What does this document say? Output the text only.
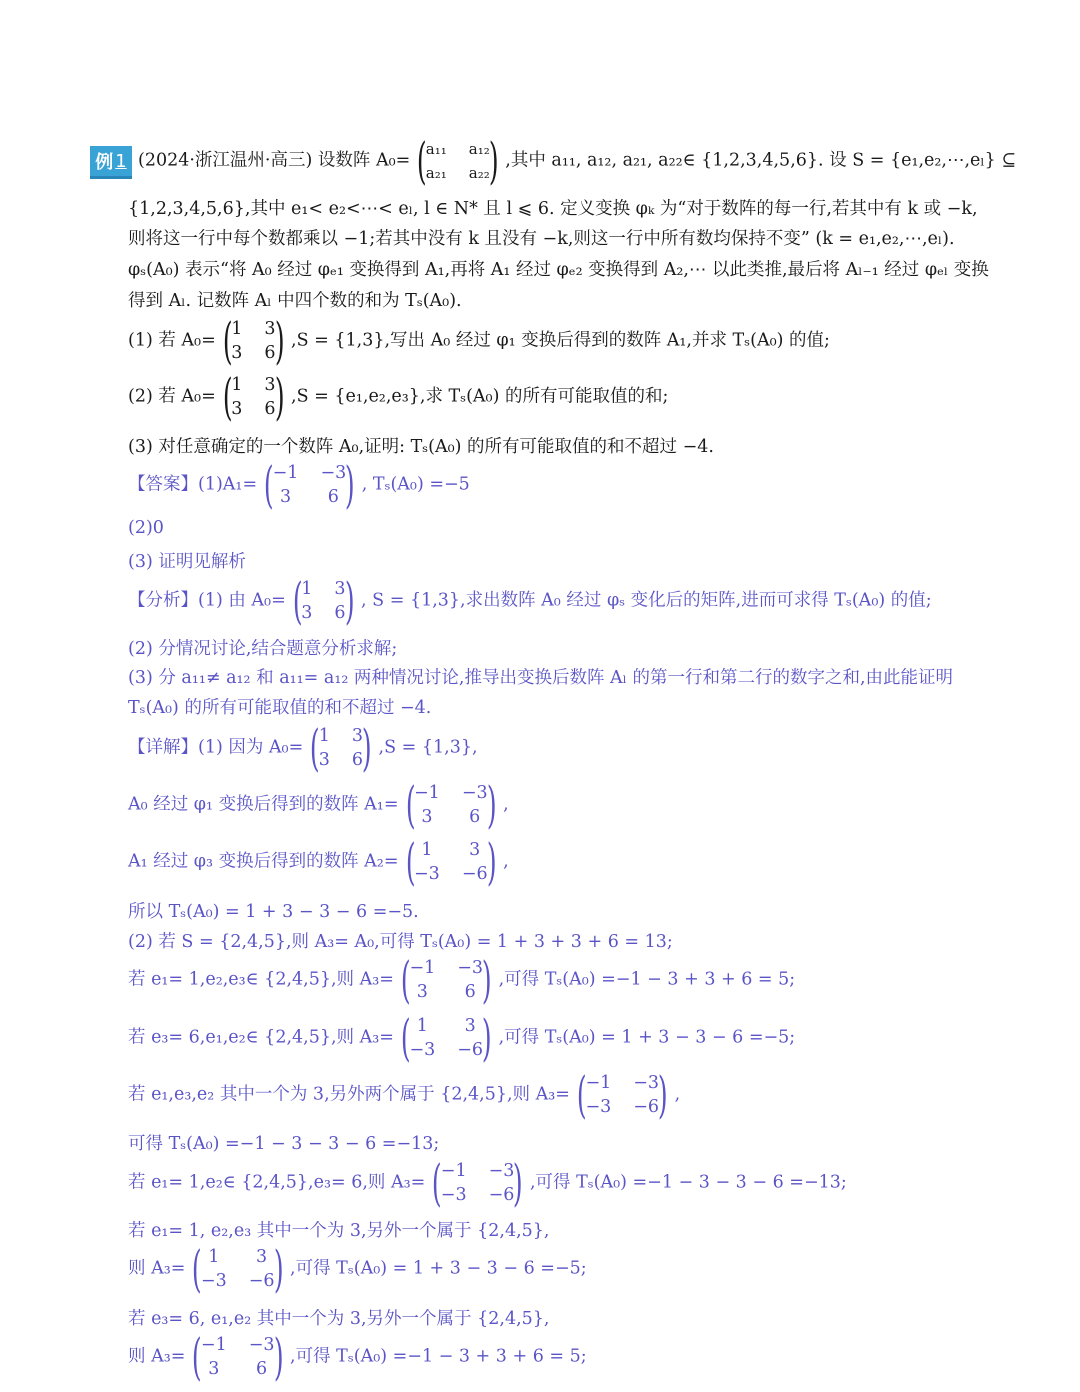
例 1 (2024·浙江温州·高三) 设数阵 A₀= (
a₁₁ a₁₂
a₂₁ a₂₂
) ,其中 a₁₁, a₁₂, a₂₁, a₂₂∈ {1,2,3,4,5,6}. 设 S = {e₁,e₂,⋯,eₗ} ⊆
{1,2,3,4,5,6},其中 e₁< e₂<⋯< eₗ, l ∈ N* 且 l ⩽ 6. 定义变换 φₖ 为“对于数阵的每一行,若其中有 k 或 −k,
则将这一行中每个数都乘以 −1;若其中没有 k 且没有 −k,则这一行中所有数均保持不变” (k = e₁,e₂,⋯,eₗ).
φₛ(A₀) 表示“将 A₀ 经过 φₑ₁ 变换得到 A₁,再将 A₁ 经过 φₑ₂ 变换得到 A₂,⋯ 以此类推,最后将 Aₗ₋₁ 经过 φₑₗ 变换
得到 Aₗ. 记数阵 Aₗ 中四个数的和为 Tₛ(A₀).
(1) 若 A₀= (
1 3
3 6
) ,S = {1,3},写出 A₀ 经过 φ₁ 变换后得到的数阵 A₁,并求 Tₛ(A₀) 的值;
(2) 若 A₀= (
1 3
3 6
) ,S = {e₁,e₂,e₃},求 Tₛ(A₀) 的所有可能取值的和;
(3) 对任意确定的一个数阵 A₀,证明: Tₛ(A₀) 的所有可能取值的和不超过 −4.
【答案】(1)A₁= (
−1 −3
3	6 ) , Tₛ(A₀) =−5
(2)0
(3) 证明见解析
【分析】(1) 由 A₀= (
1 3
3 6
) , S = {1,3},求出数阵 A₀ 经过 φₛ 变化后的矩阵,进而可求得 Tₛ(A₀) 的值;
(2) 分情况讨论,结合题意分析求解;
(3) 分 a₁₁≠ a₁₂ 和 a₁₁= a₁₂ 两种情况讨论,推导出变换后数阵 Aₗ 的第一行和第二行的数字之和,由此能证明
Tₛ(A₀) 的所有可能取值的和不超过 −4.
【详解】(1) 因为 A₀= (
1 3
3 6
) ,S = {1,3},
A₀ 经过 φ₁ 变换后得到的数阵 A₁= (
−1 −3
3	6 ) ,
A₁ 经过 φ₃ 变换后得到的数阵 A₂= ( 1	3
−3 −6
) ,
所以 Tₛ(A₀) = 1 + 3 − 3 − 6 =−5.
(2) 若 S = {2,4,5},则 A₃= A₀,可得 Tₛ(A₀) = 1 + 3 + 3 + 6 = 13;
若 e₁= 1,e₂,e₃∈ {2,4,5},则 A₃= (
−1 −3
3	6 ) ,可得 Tₛ(A₀) =−1 − 3 + 3 + 6 = 5;
若 e₃= 6,e₁,e₂∈ {2,4,5},则 A₃= ( 1	3
−3 −6
) ,可得 Tₛ(A₀) = 1 + 3 − 3 − 6 =−5;
若 e₁,e₃,e₂ 其中一个为 3,另外两个属于 {2,4,5},则 A₃= (
−1 −3
−3 −6
) ,
可得 Tₛ(A₀) =−1 − 3 − 3 − 6 =−13;
若 e₁= 1,e₂∈ {2,4,5},e₃= 6,则 A₃= (
−1 −3
−3 −6
) ,可得 Tₛ(A₀) =−1 − 3 − 3 − 6 =−13;
若 e₁= 1, e₂,e₃ 其中一个为 3,另外一个属于 {2,4,5},
则 A₃= ( 1	3
−3 −6
) ,可得 Tₛ(A₀) = 1 + 3 − 3 − 6 =−5;
若 e₃= 6, e₁,e₂ 其中一个为 3,另外一个属于 {2,4,5},
则 A₃= (
−1 −3
3	6 ) ,可得 Tₛ(A₀) =−1 − 3 + 3 + 6 = 5;
